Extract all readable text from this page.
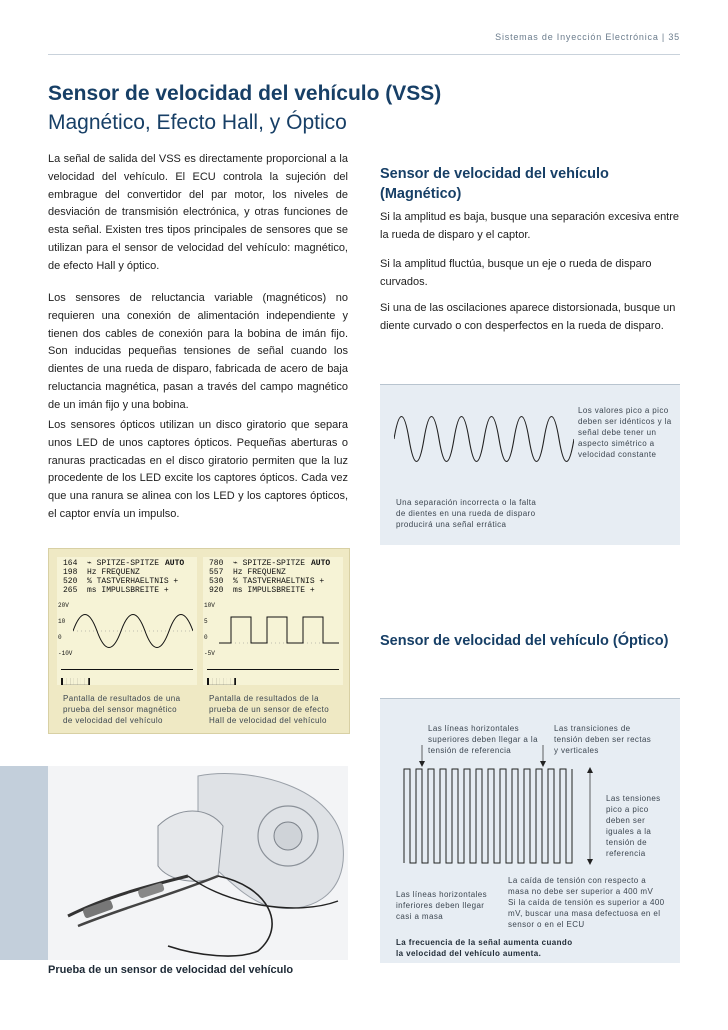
Sistemas de Inyección Electrónica | 35
Sensor de velocidad del vehículo (VSS)
Magnético, Efecto Hall, y Óptico
La señal de salida del VSS es directamente proporcional a la velocidad del vehículo. El ECU controla la sujeción del embrague del convertidor del par motor, los niveles de desviación de transmisión electrónica, y otras funciones de esta señal. Existen tres tipos principales de sensores que se utilizan para el sensor de velocidad del vehículo: magnético, de efecto Hall y óptico.
Los sensores de reluctancia variable (magnéticos) no requieren una conexión de alimentación independiente y tienen dos cables de conexión para la bobina de imán fijo. Son inducidas pequeñas tensiones de señal cuando los dientes de una rueda de disparo, fabricada de acero de baja reluctancia magnética, pasan a través del campo magnético de un imán fijo y una bobina.
Los sensores ópticos utilizan un disco giratorio que separa unos LED de unos captores ópticos. Pequeñas aberturas o ranuras practicadas en el disco giratorio permiten que la luz procedente de los LED excite los captores ópticos. Cada vez que una ranura se alinea con los LED y los captores ópticos, el captor envía un impulso.
Sensor de velocidad del vehículo (Magnético)
Si la amplitud es baja, busque una separación excesiva entre la rueda de disparo y el captor.
Si la amplitud fluctúa, busque un eje o rueda de disparo curvados.
Si una de las oscilaciones aparece distorsionada, busque un diente curvado o con desperfectos en la rueda de disparo.
Los valores pico a pico deben ser idénticos y la señal debe tener un aspecto simétrico a velocidad constante
Una separación incorrecta o la falta de dientes en una rueda de disparo producirá una señal errática
164  ⌁ SPITZE-SPITZE
198  Hz FREQUENZ
520  % TASTVERHAELTNIS +
265  ms IMPULSBREITE +
AUTO
20V
10
0
-10V
███████
780  ⌁ SPITZE-SPITZE
557  Hz FREQUENZ
530  % TASTVERHAELTNIS +
920  ms IMPULSBREITE +
AUTO
10V
5
0
-5V
███████
Pantalla de resultados de una prueba del sensor magnético de velocidad del vehículo
Pantalla de resultados de la prueba de un sensor de efecto Hall de velocidad del vehículo
Prueba de un sensor de velocidad del vehículo
Sensor de velocidad del vehículo (Óptico)
Las líneas horizontales superiores deben llegar a la tensión de referencia
Las transiciones de tensión deben ser rectas y verticales
Las tensiones pico a pico deben ser iguales a la tensión de referencia
La caída de tensión con respecto a masa no debe ser superior a 400 mV
Las líneas horizontales inferiores deben llegar casi a masa
Si la caída de tensión es superior a 400 mV, buscar una masa defectuosa en el sensor o en el ECU
La frecuencia de la señal aumenta cuando la velocidad del vehículo aumenta.
